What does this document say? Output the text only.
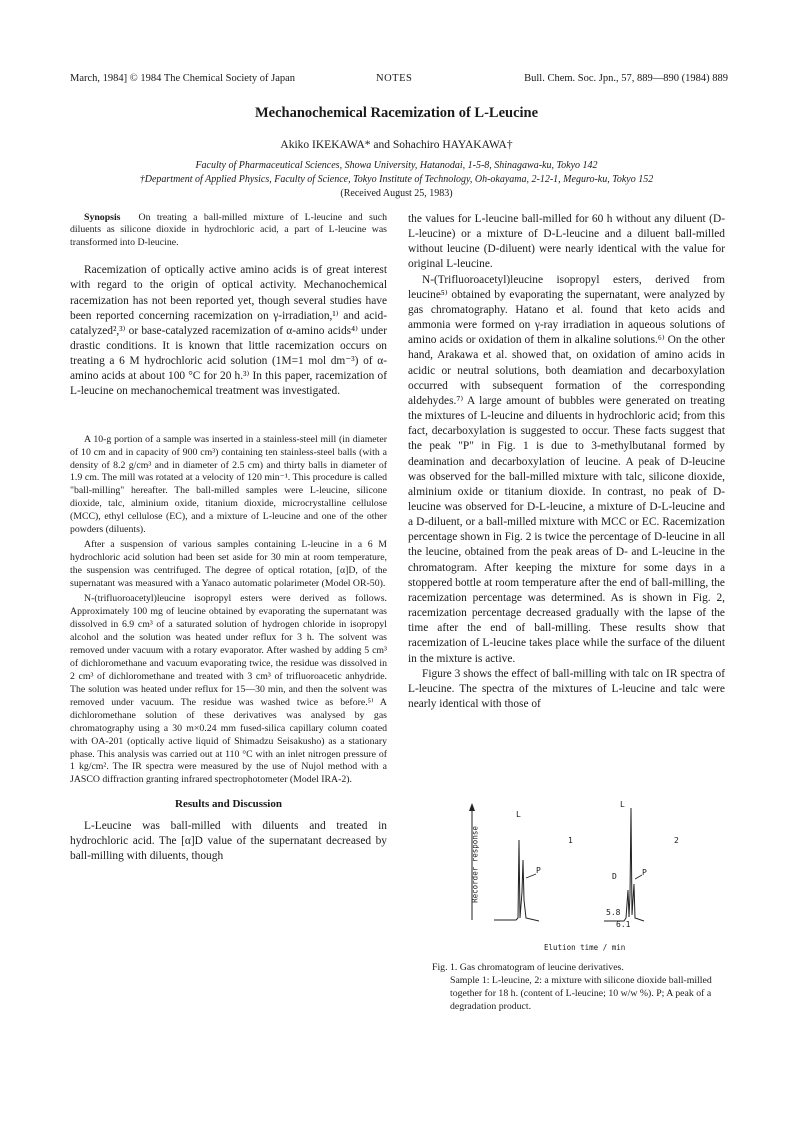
March, 1984] © 1984 The Chemical Society of Japan	NOTES	Bull. Chem. Soc. Jpn., 57, 889—890 (1984) 889
Mechanochemical Racemization of L-Leucine
Akiko IKEKAWA* and Sohachiro HAYAKAWA†
Faculty of Pharmaceutical Sciences, Showa University, Hatanodai, 1-5-8, Shinagawa-ku, Tokyo 142
†Department of Applied Physics, Faculty of Science, Tokyo Institute of Technology, Oh-okayama, 2-12-1, Meguro-ku, Tokyo 152
(Received August 25, 1983)

Synopsis On treating a ball-milled mixture of L-leucine and such diluents as silicone dioxide in hydrochloric acid, a part of L-leucine was transformed into D-leucine.

Racemization of optically active amino acids is of great interest with regard to the origin of optical activity. Mechanochemical racemization has not been reported yet, though several studies have been reported concerning racemization on γ-irradiation,¹⁾ and acid-catalyzed²,³⁾ or base-catalyzed racemization of α-amino acids⁴⁾ under drastic conditions. It is known that little racemization occurs on treating a 6 M hydrochloric acid solution (1M=1 mol dm⁻³) of α-amino acids at about 100 °C for 20 h.³⁾ In this paper, racemization of L-leucine on mechanochemical treatment was investigated.

A 10-g portion of a sample was inserted in a stainless-steel mill (in diameter of 10 cm and in capacity of 900 cm³) containing ten stainless-steel balls (with a density of 8.2 g/cm³ and in diameter of 2.5 cm) and thirty balls in diameter of 1.9 cm. The mill was rotated at a velocity of 120 min⁻¹. This procedure is called "ball-milling" hereafter. The ball-milled samples were L-leucine, silicone dioxide, talc, alminium oxide, titanium dioxide, microcrystalline cellulose (MCC), ethyl cellulose (EC), and a mixture of L-leucine and one of the other powders (diluents).

After a suspension of various samples containing L-leucine in a 6 M hydrochloric acid solution had been set aside for 30 min at room temperature, the suspension was centrifuged. The degree of optical rotation, [α]D, of the supernatant was measured with a Yanaco automatic polarimeter (Model OR-50).

N-(trifluoroacetyl)leucine isopropyl esters were derived as follows. Approximately 100 mg of leucine obtained by evaporating the supernatant was dissolved in 6.9 cm³ of a saturated solution of hydrogen chloride in isopropyl alcohol and the solution was heated under reflux for 3 h. The solvent was removed under vacuum with a rotary evaporator. After washed by adding 5 cm³ of dichloromethane and vacuum evaporating twice, the residue was dissolved in 2 cm³ of dichloromethane and treated with 3 cm³ of trifluoroacetic anhydride. The solution was heated under reflux for 15—30 min, and then the solvent was removed under vacuum. The residue was washed twice as before.⁵⁾ A dichloromethane solution of these derivatives was analysed by gas chromatography using a 30 m×0.24 mm fused-silica capillary column coated with OA-201 (optically active liquid of Shimadzu Seisakusho) as a stationary phase. This analysis was carried out at 110 °C with an inlet nitrogen pressure of 1 kg/cm². The IR spectra were measured by the use of Nujol method with a JASCO diffraction granting infrared spectrophotometer (Model IRA-2).

Results and Discussion

L-Leucine was ball-milled with diluents and treated in hydrochloric acid. The [α]D value of the supernatant decreased by ball-milling with diluents, though

the values for L-leucine ball-milled for 60 h without any diluent (D-L-leucine) or a mixture of D-L-leucine and a diluent ball-milled without leucine (D-diluent) were nearly identical with the value for original L-leucine.

N-(Trifluoroacetyl)leucine isopropyl esters, derived from leucine⁵⁾ obtained by evaporating the supernatant, were analyzed by gas chromatography. Hatano et al. found that keto acids and ammonia were formed on γ-ray irradiation in aqueous solutions of amino acids or oxidation of them in alkaline solutions.⁶⁾ On the other hand, Arakawa et al. showed that, on oxidation of amino acids in acidic or neutral solutions, both deamiation and decarboxylation occurred with subsequent formation of the corresponding aldehydes.⁷⁾ A large amount of bubbles were generated on treating the mixtures of L-leucine and diluents in hydrochloric acid; from this fact, decarboxylation is suggested to occur. These facts suggest that the peak "P" in Fig. 1 is due to 3-methylbutanal formed by deamination and decarboxylation of leucine. A peak of D-leucine was observed for the ball-milled mixture with talc, silicone dioxide, alminium oxide or titanium dioxide. In contrast, no peak of D-leucine was observed for D-L-leucine, a mixture of D-L-leucine and a D-diluent, or a ball-milled mixture with MCC or EC. Racemization percentage shown in Fig. 2 is twice the percentage of D-leucine in all the leucine, obtained from the peak areas of D- and L-leucine in the chromatogram. After keeping the mixture for some days in a stoppered bottle at room temperature after the end of ball-milling, the racemization percentage was determined. As is shown in Fig. 2, racemization percentage decreased gradually with the lapse of the time after the end of ball-milling. These results show that racemization of L-leucine takes place while the surface of the diluent in the mixture is active.

Figure 3 shows the effect of ball-milling with talc on IR spectra of L-leucine. The spectra of the mixtures of L-leucine and talc were nearly identical with those of

Recorder response
Elution time / min
L
P
1
L
P
D
5.8
6.1
2
Fig. 1. Gas chromatogram of leucine derivatives.
Sample 1: L-leucine, 2: a mixture with silicone dioxide ball-milled together for 18 h. (content of L-leucine; 10 w/w %). P; A peak of a degradation product.
